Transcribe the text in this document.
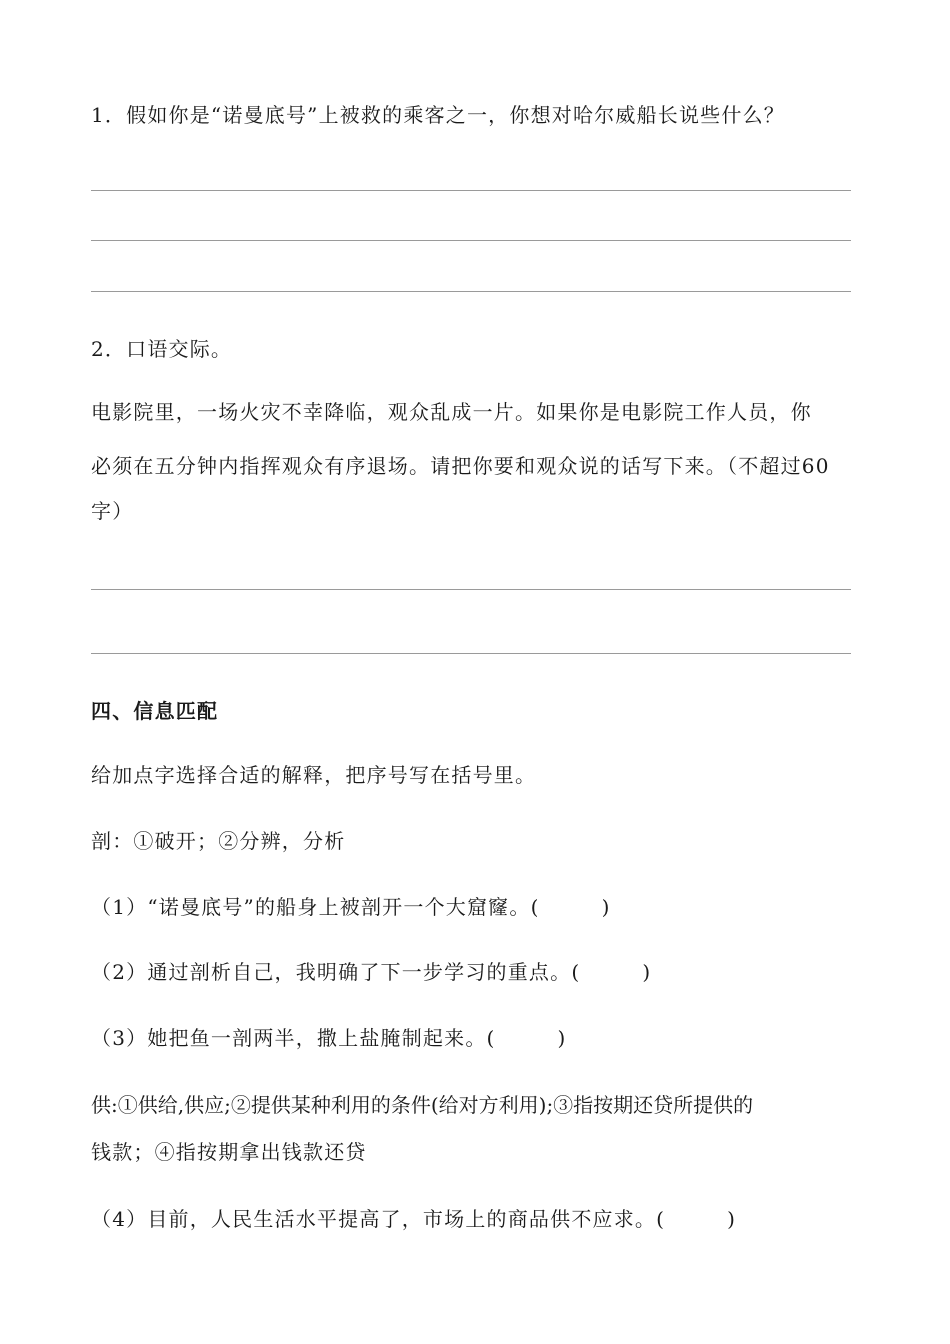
1．假如你是“诺曼底号”上被救的乘客之一，你想对哈尔威船长说些什么？
2．口语交际。
电影院里，一场火灾不幸降临，观众乱成一片。如果你是电影院工作人员，你
必须在五分钟内指挥观众有序退场。请把你要和观众说的话写下来。（不超过60
字）
四、信息匹配
给加点字选择合适的解释，把序号写在括号里。
剖：①破开；②分辨，分析
（1）“诺曼底号”的船身上被剖开一个大窟窿。(	)
（2）通过剖析自己，我明确了下一步学习的重点。(	)
（3）她把鱼一剖两半，撒上盐腌制起来。(	)
供:①供给,供应;②提供某种利用的条件(给对方利用);③指按期还贷所提供的
钱款；④指按期拿出钱款还贷
（4）目前，人民生活水平提高了，市场上的商品供不应求。(	)
